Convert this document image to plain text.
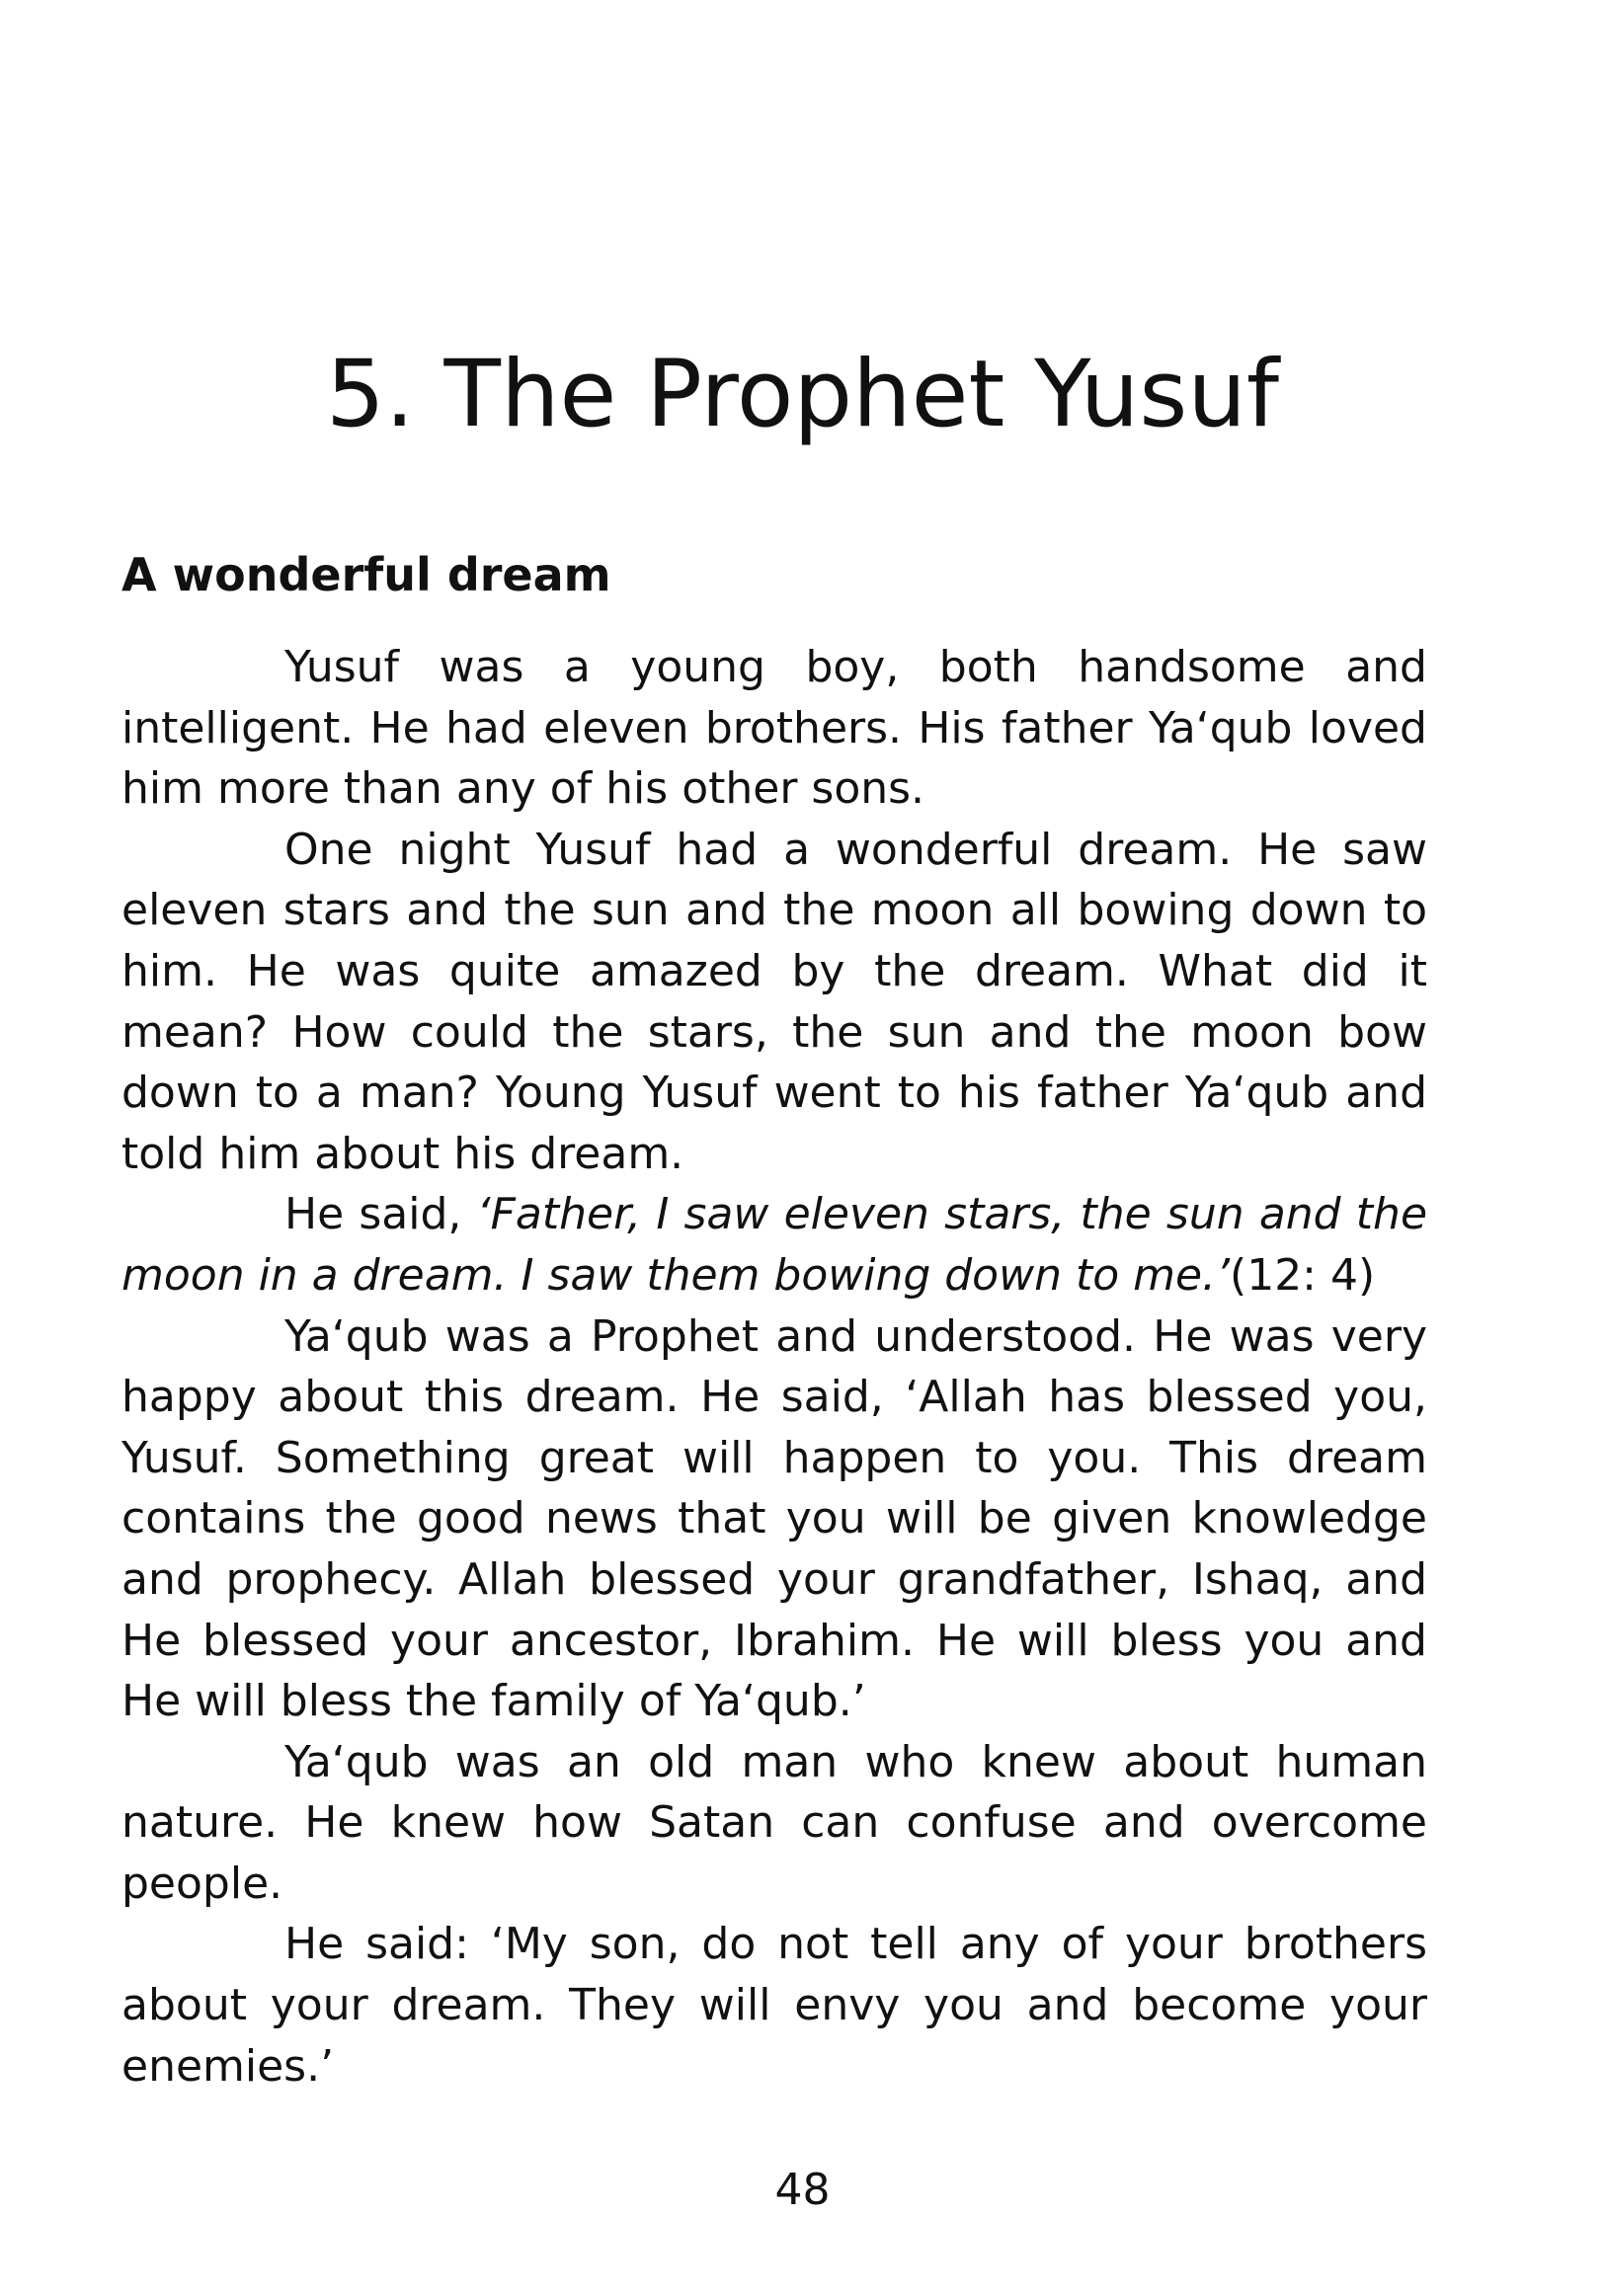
5. The Prophet Yusuf
A wonderful dream

Yusuf was a young boy, both handsome and intelligent. He had eleven brothers. His father Ya‘qub loved him more than any of his other sons.

One night Yusuf had a wonderful dream. He saw eleven stars and the sun and the moon all bowing down to him. He was quite amazed by the dream. What did it mean? How could the stars, the sun and the moon bow down to a man? Young Yusuf went to his father Ya‘qub and told him about his dream.

He said, ‘Father, I saw eleven stars, the sun and the moon in a dream. I saw them bowing down to me.’(12: 4)

Ya‘qub was a Prophet and understood. He was very happy about this dream. He said, ‘Allah has blessed you, Yusuf. Something great will happen to you. This dream contains the good news that you will be given knowledge and prophecy. Allah blessed your grandfather, Ishaq, and He blessed your ancestor, Ibrahim. He will bless you and He will bless the family of Ya‘qub.’

Ya‘qub was an old man who knew about human nature. He knew how Satan can confuse and overcome people.

He said: ‘My son, do not tell any of your brothers about your dream. They will envy you and become your enemies.’

48
